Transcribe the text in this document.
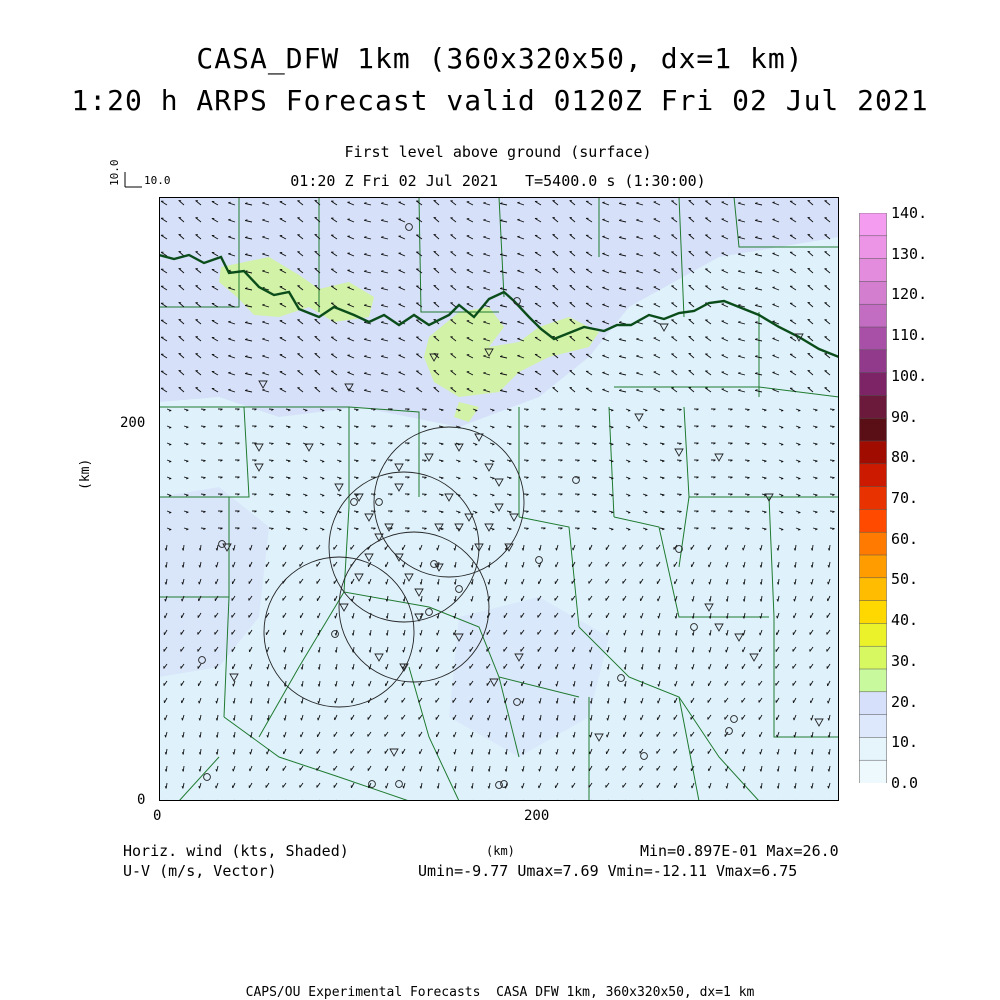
CASA_DFW 1km (360x320x50, dx=1 km)
1:20 h ARPS Forecast valid 0120Z Fri 02 Jul 2021
First level above ground (surface)
01:20 Z Fri 02 Jul 2021   T=5400.0 s (1:30:00)
10.0
10.0
0	200
0
200
(km)
140.
130.
120.
110.
100.
90.
80.
70.
60.
50.
40.
30.
20.
10.
0.0
Horiz. wind (kts, Shaded)
U-V (m/s, Vector)
(km)	Min=0.897E-01 Max=26.0
Umin=-9.77 Umax=7.69 Vmin=-12.11 Vmax=6.75
CAPS/OU Experimental Forecasts  CASA DFW 1km, 360x320x50, dx=1 km
